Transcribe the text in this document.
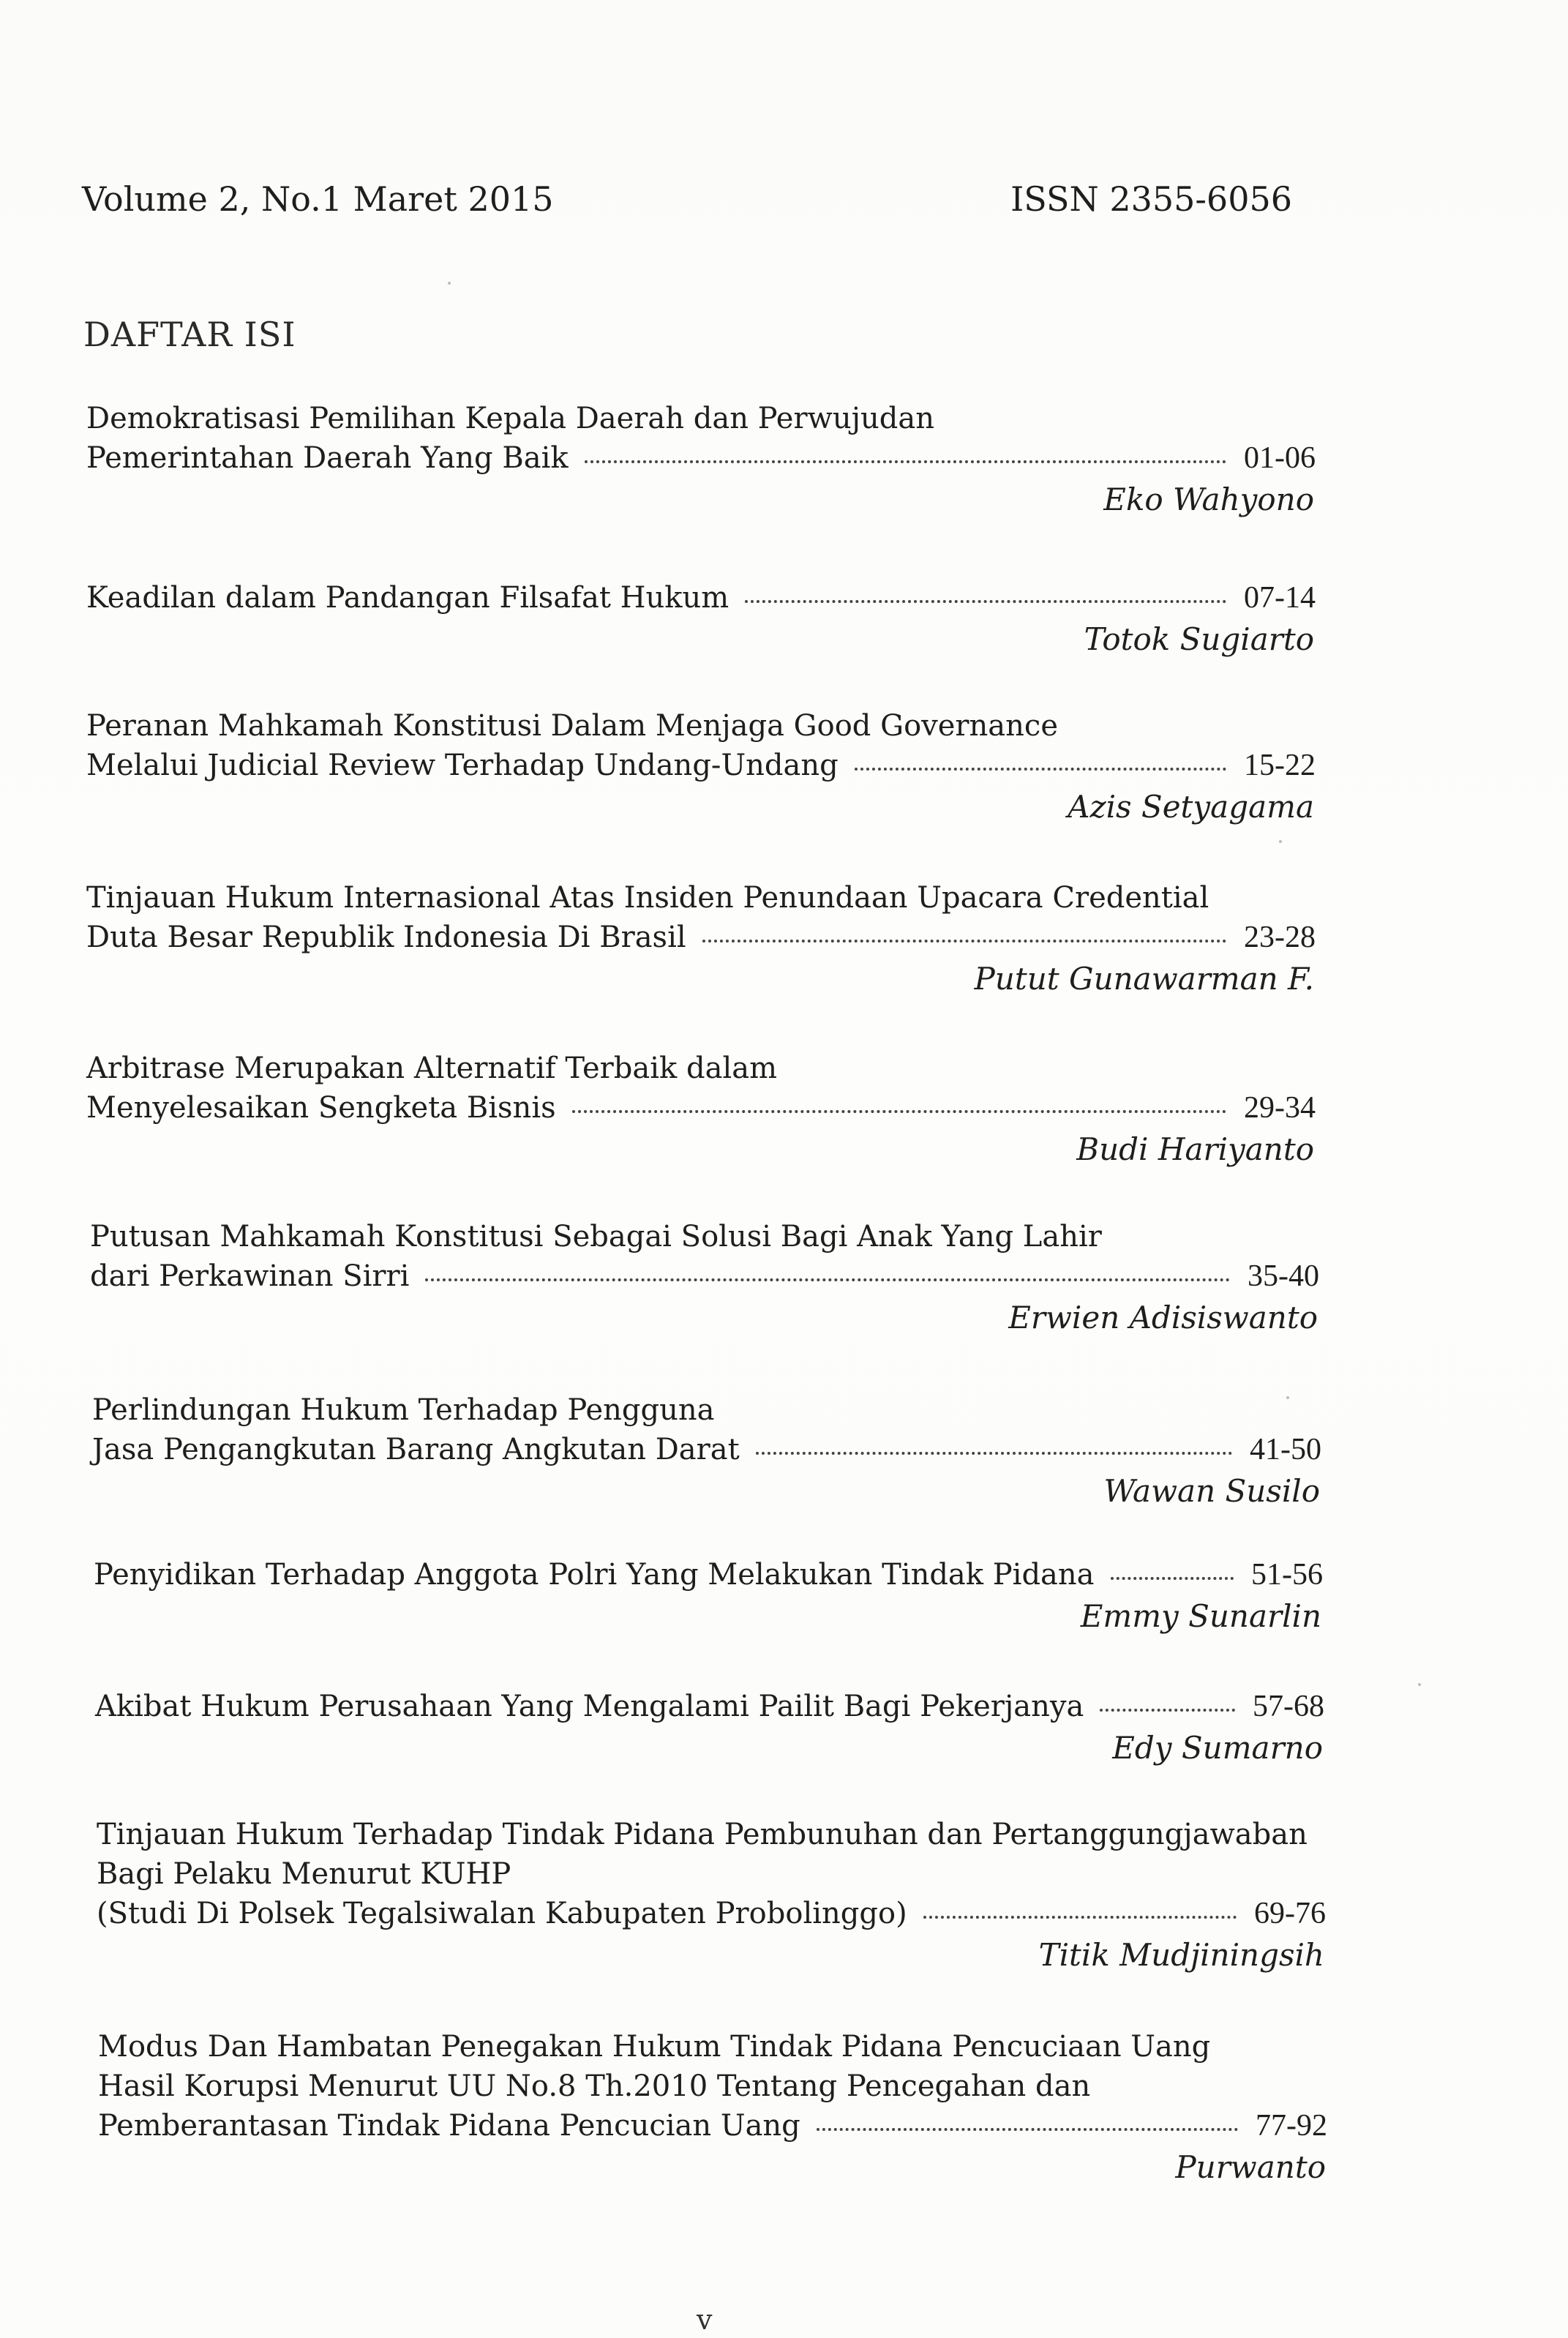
Volume 2, No.1 Maret 2015	ISSN 2355-6056
DAFTAR ISI
Demokratisasi Pemilihan Kepala Daerah dan Perwujudan
Pemerintahan Daerah Yang Baik	01-06
Eko Wahyono
Keadilan dalam Pandangan Filsafat Hukum	07-14
Totok Sugiarto
Peranan Mahkamah Konstitusi Dalam Menjaga Good Governance
Melalui Judicial Review Terhadap Undang-Undang	15-22
Azis Setyagama
Tinjauan Hukum Internasional Atas Insiden Penundaan Upacara Credential
Duta Besar Republik Indonesia Di Brasil	23-28
Putut Gunawarman F.
Arbitrase Merupakan Alternatif Terbaik dalam
Menyelesaikan Sengketa Bisnis	29-34
Budi Hariyanto
Putusan Mahkamah Konstitusi Sebagai Solusi Bagi Anak Yang Lahir
dari Perkawinan Sirri	35-40
Erwien Adisiswanto
Perlindungan Hukum Terhadap Pengguna
Jasa Pengangkutan Barang Angkutan Darat	41-50
Wawan Susilo
Penyidikan Terhadap Anggota Polri Yang Melakukan Tindak Pidana	51-56
Emmy Sunarlin
Akibat Hukum Perusahaan Yang Mengalami Pailit Bagi Pekerjanya	57-68
Edy Sumarno
Tinjauan Hukum Terhadap Tindak Pidana Pembunuhan dan Pertanggungjawaban
Bagi Pelaku Menurut KUHP
(Studi Di Polsek Tegalsiwalan Kabupaten Probolinggo)	69-76
Titik Mudjiningsih
Modus Dan Hambatan Penegakan Hukum Tindak Pidana Pencuciaan Uang
Hasil Korupsi Menurut UU No.8 Th.2010 Tentang Pencegahan dan
Pemberantasan Tindak Pidana Pencucian Uang	77-92
Purwanto
v
